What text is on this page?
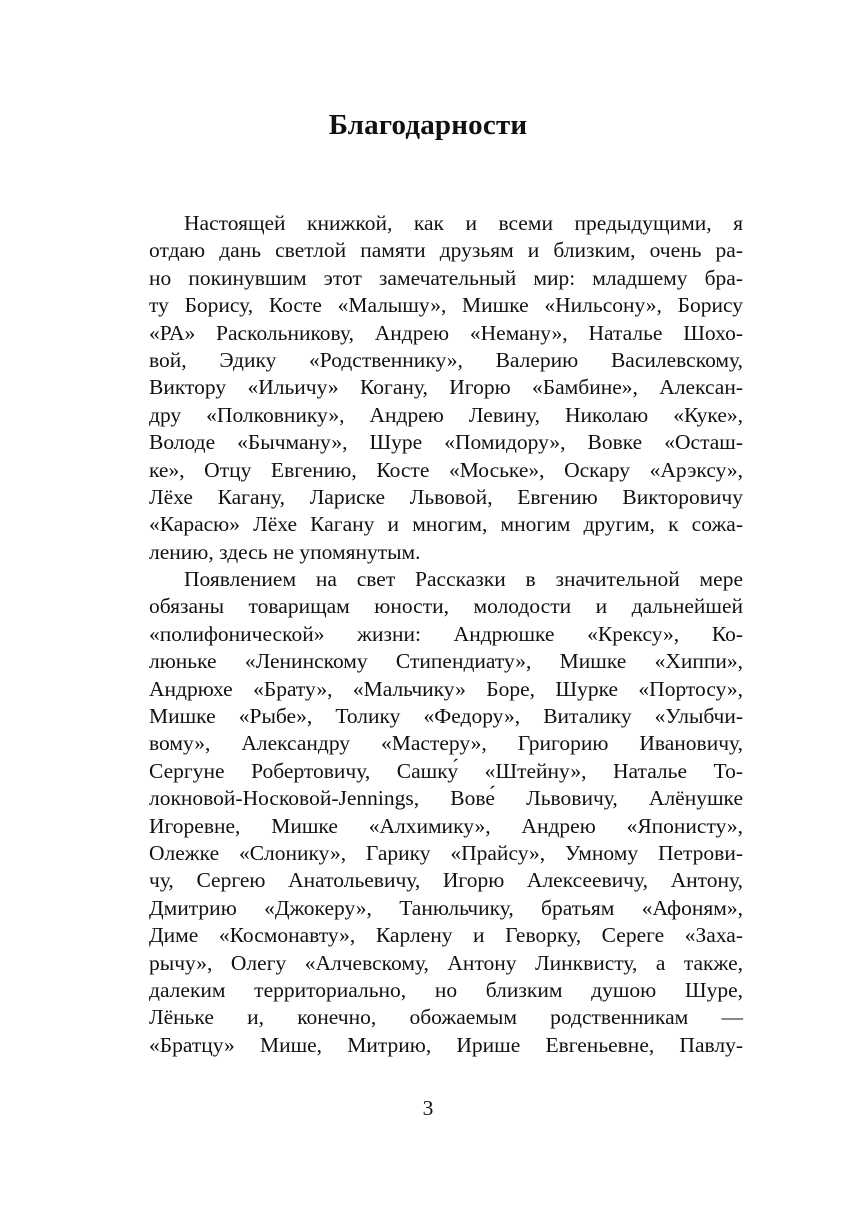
Благодарности
Настоящей книжкой, как и всеми предыдущими, я
отдаю дань светлой памяти друзьям и близким, очень ра-
но покинувшим этот замечательный мир: младшему бра-
ту Борису, Косте «Малышу», Мишке «Нильсону», Борису
«РА» Раскольникову, Андрею «Неману», Наталье Шохо-
вой, Эдику «Родственнику», Валерию Василевскому,
Виктору «Ильичу» Когану, Игорю «Бамбине», Алексан-
дру «Полковнику», Андрею Левину, Николаю «Куке»,
Володе «Бычману», Шуре «Помидору», Вовке «Осташ-
ке», Отцу Евгению, Косте «Моське», Оскару «Арэксу»,
Лёхе Кагану, Лариске Львовой, Евгению Викторовичу
«Карасю» Лёхе Кагану и многим, многим другим, к сожа-
лению, здесь не упомянутым.
Появлением на свет Рассказки в значительной мере
обязаны товарищам юности, молодости и дальнейшей
«полифонической» жизни: Андрюшке «Крексу», Ко-
люньке «Ленинскому Стипендиату», Мишке «Хиппи»,
Андрюхе «Брату», «Мальчику» Боре, Шурке «Портосу»,
Мишке «Рыбе», Толику «Федору», Виталику «Улыбчи-
вому», Александру «Мастеру», Григорию Ивановичу,
Сергуне Робертовичу, Сашку́ «Штейну», Наталье То-
локновой-Носковой-Jennings, Вове́ Львовичу, Алёнушке
Игоревне, Мишке «Алхимику», Андрею «Японисту»,
Олежке «Слонику», Гарику «Прайсу», Умному Петрови-
чу, Сергею Анатольевичу, Игорю Алексеевичу, Антону,
Дмитрию «Джокеру», Танюльчику, братьям «Афоням»,
Диме «Космонавту», Карлену и Геворку, Сереге «Заха-
рычу», Олегу «Алчевскому, Антону Линквисту, а также,
далеким территориально, но близким душою Шуре,
Лёньке и, конечно, обожаемым родственникам —
«Братцу» Мише, Митрию, Ирише Евгеньевне, Павлу-
3
